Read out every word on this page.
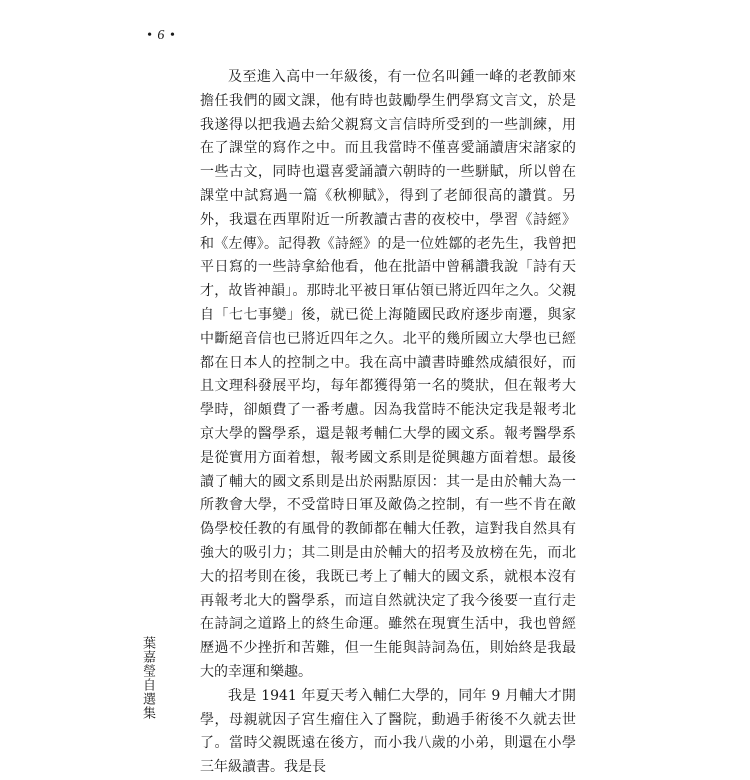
• 6 •

及至進入高中一年級後，有一位名叫鍾一峰的老教師來擔任我們的國文課，他有時也鼓勵學生們學寫文言文，於是我遂得以把我過去給父親寫文言信時所受到的一些訓練，用在了課堂的寫作之中。而且我當時不僅喜愛誦讀唐宋諸家的一些古文，同時也還喜愛誦讀六朝時的一些駢賦，所以曾在課堂中試寫過一篇《秋柳賦》，得到了老師很高的讚賞。另外，我還在西單附近一所教讀古書的夜校中，學習《詩經》和《左傳》。記得教《詩經》的是一位姓鄒的老先生，我曾把平日寫的一些詩拿給他看，他在批語中曾稱讚我說「詩有天才，故皆神韻」。那時北平被日軍佔領已將近四年之久。父親自「七七事變」後，就已從上海隨國民政府逐步南遷，與家中斷絕音信也已將近四年之久。北平的幾所國立大學也已經都在日本人的控制之中。我在高中讀書時雖然成績很好，而且文理科發展平均，每年都獲得第一名的獎狀，但在報考大學時，卻頗費了一番考慮。因為我當時不能決定我是報考北京大學的醫學系，還是報考輔仁大學的國文系。報考醫學系是從實用方面着想，報考國文系則是從興趣方面着想。最後讀了輔大的國文系則是出於兩點原因：其一是由於輔大為一所教會大學，不受當時日軍及敵偽之控制，有一些不肯在敵偽學校任教的有風骨的教師都在輔大任教，這對我自然具有強大的吸引力；其二則是由於輔大的招考及放榜在先，而北大的招考則在後，我既已考上了輔大的國文系，就根本沒有再報考北大的醫學系，而這自然就決定了我今後要一直行走在詩詞之道路上的終生命運。雖然在現實生活中，我也曾經歷過不少挫折和苦難，但一生能與詩詞為伍，則始終是我最大的幸運和樂趣。

我是 1941 年夏天考入輔仁大學的，同年 9 月輔大才開學，母親就因子宮生瘤住入了醫院，動過手術後不久就去世了。當時父親既遠在後方，而小我八歲的小弟，則還在小學三年級讀書。我是長

葉嘉瑩自選集
